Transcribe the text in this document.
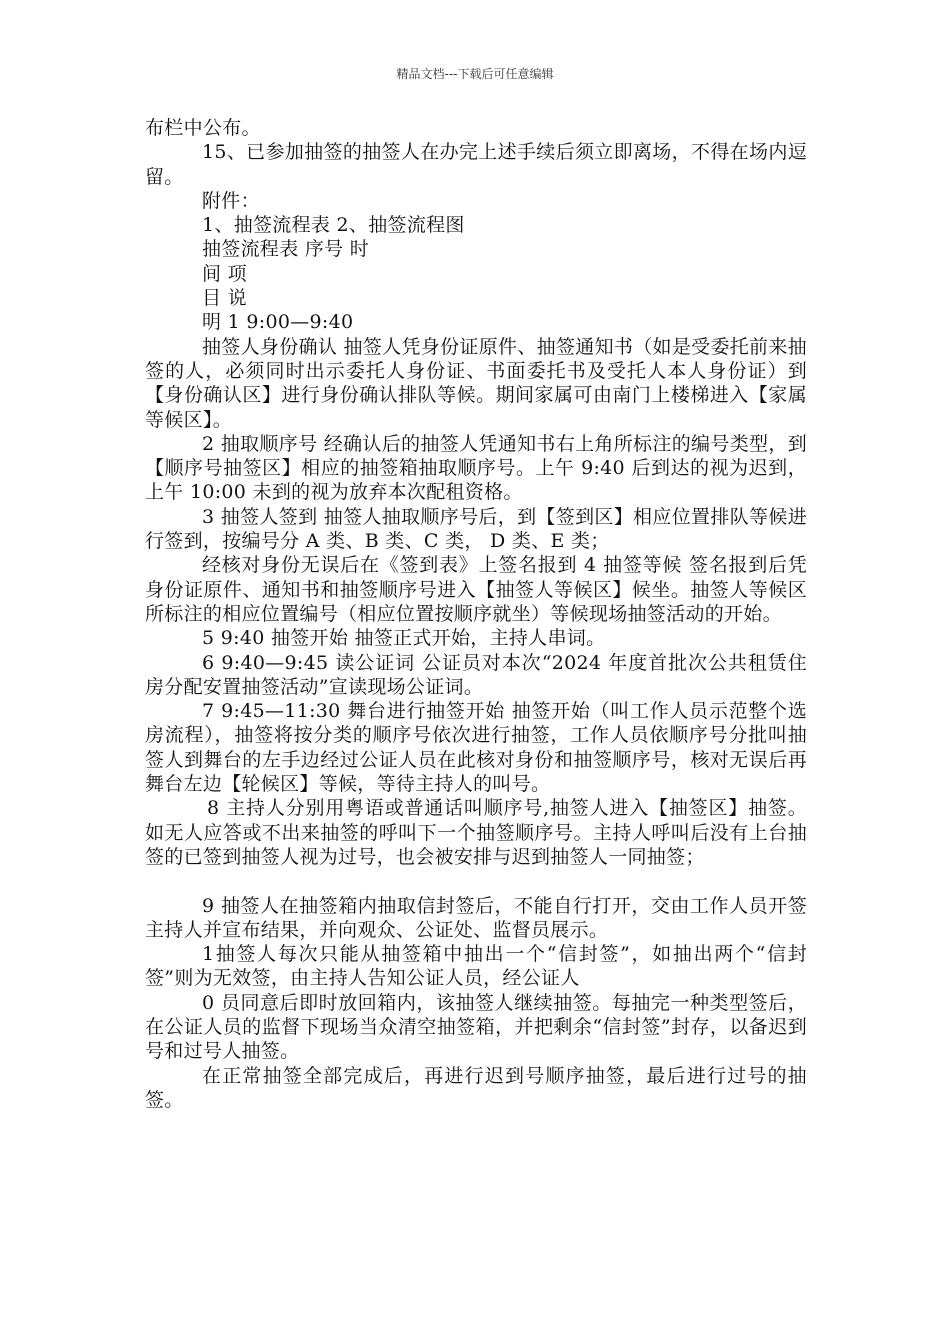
精品文档---下载后可任意编辑

布栏中公布。

15、已参加抽签的抽签人在办完上述手续后须立即离场，不得在场内逗留。

附件：

1、抽签流程表 2、抽签流程图

抽签流程表 序号 时

间 项

目 说

明 1 9:00—9:40

抽签人身份确认 抽签人凭身份证原件、抽签通知书（如是受委托前来抽签的人，必须同时出示委托人身份证、书面委托书及受托人本人身份证）到【身份确认区】进行身份确认排队等候。期间家属可由南门上楼梯进入【家属等候区】。

2 抽取顺序号 经确认后的抽签人凭通知书右上角所标注的编号类型，到【顺序号抽签区】相应的抽签箱抽取顺序号。上午 9:40 后到达的视为迟到，上午 10:00 未到的视为放弃本次配租资格。

3 抽签人签到 抽签人抽取顺序号后，到【签到区】相应位置排队等候进行签到，按编号分 A 类、B 类、C 类， D 类、E 类；

经核对身份无误后在《签到表》上签名报到 4 抽签等候 签名报到后凭身份证原件、通知书和抽签顺序号进入【抽签人等候区】候坐。抽签人等候区所标注的相应位置编号（相应位置按顺序就坐）等候现场抽签活动的开始。

5 9:40 抽签开始 抽签正式开始，主持人串词。

6 9:40—9:45 读公证词 公证员对本次“2024 年度首批次公共租赁住房分配安置抽签活动”宣读现场公证词。

7 9:45—11:30 舞台进行抽签开始 抽签开始（叫工作人员示范整个选房流程），抽签将按分类的顺序号依次进行抽签，工作人员依顺序号分批叫抽签人到舞台的左手边经过公证人员在此核对身份和抽签顺序号，核对无误后再舞台左边【轮候区】等候，等待主持人的叫号。

8 主持人分别用粤语或普通话叫顺序号,抽签人进入【抽签区】抽签。如无人应答或不出来抽签的呼叫下一个抽签顺序号。主持人呼叫后没有上台抽签的已签到抽签人视为过号，也会被安排与迟到抽签人一同抽签；

9 抽签人在抽签箱内抽取信封签后，不能自行打开，交由工作人员开签主持人并宣布结果，并向观众、公证处、监督员展示。

1抽签人每次只能从抽签箱中抽出一个“信封签”，如抽出两个“信封签”则为无效签，由主持人告知公证人员，经公证人

0 员同意后即时放回箱内，该抽签人继续抽签。每抽完一种类型签后，在公证人员的监督下现场当众清空抽签箱，并把剩余“信封签”封存，以备迟到号和过号人抽签。

在正常抽签全部完成后，再进行迟到号顺序抽签，最后进行过号的抽签。
